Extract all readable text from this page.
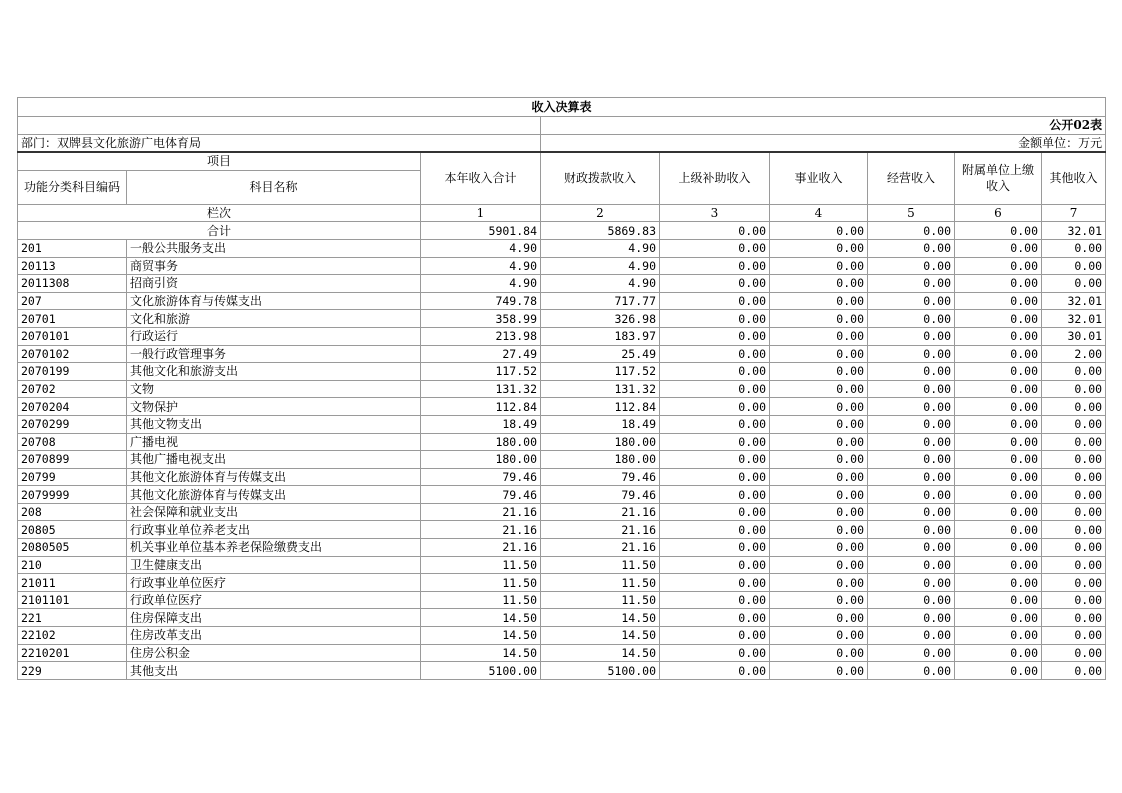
收入决算表								
			公开02表					
部门：双牌县文化旅游广电体育局			金额单位：万元					
项目		本年收入合计	财政拨款收入	上级补助收入	事业收入	经营收入	附属单位上缴收入	其他收入
功能分类科目编码	科目名称							
栏次		1	2	3	4	5	6	7
合计		5901.84	5869.83	0.00	0.00	0.00	0.00	32.01
201	一般公共服务支出	4.90	4.90	0.00	0.00	0.00	0.00	0.00
20113	商贸事务	4.90	4.90	0.00	0.00	0.00	0.00	0.00
2011308	招商引资	4.90	4.90	0.00	0.00	0.00	0.00	0.00
207	文化旅游体育与传媒支出	749.78	717.77	0.00	0.00	0.00	0.00	32.01
20701	文化和旅游	358.99	326.98	0.00	0.00	0.00	0.00	32.01
2070101	行政运行	213.98	183.97	0.00	0.00	0.00	0.00	30.01
2070102	一般行政管理事务	27.49	25.49	0.00	0.00	0.00	0.00	2.00
2070199	其他文化和旅游支出	117.52	117.52	0.00	0.00	0.00	0.00	0.00
20702	文物	131.32	131.32	0.00	0.00	0.00	0.00	0.00
2070204	文物保护	112.84	112.84	0.00	0.00	0.00	0.00	0.00
2070299	其他文物支出	18.49	18.49	0.00	0.00	0.00	0.00	0.00
20708	广播电视	180.00	180.00	0.00	0.00	0.00	0.00	0.00
2070899	其他广播电视支出	180.00	180.00	0.00	0.00	0.00	0.00	0.00
20799	其他文化旅游体育与传媒支出	79.46	79.46	0.00	0.00	0.00	0.00	0.00
2079999	其他文化旅游体育与传媒支出	79.46	79.46	0.00	0.00	0.00	0.00	0.00
208	社会保障和就业支出	21.16	21.16	0.00	0.00	0.00	0.00	0.00
20805	行政事业单位养老支出	21.16	21.16	0.00	0.00	0.00	0.00	0.00
2080505	机关事业单位基本养老保险缴费支出	21.16	21.16	0.00	0.00	0.00	0.00	0.00
210	卫生健康支出	11.50	11.50	0.00	0.00	0.00	0.00	0.00
21011	行政事业单位医疗	11.50	11.50	0.00	0.00	0.00	0.00	0.00
2101101	行政单位医疗	11.50	11.50	0.00	0.00	0.00	0.00	0.00
221	住房保障支出	14.50	14.50	0.00	0.00	0.00	0.00	0.00
22102	住房改革支出	14.50	14.50	0.00	0.00	0.00	0.00	0.00
2210201	住房公积金	14.50	14.50	0.00	0.00	0.00	0.00	0.00
229	其他支出	5100.00	5100.00	0.00	0.00	0.00	0.00	0.00
